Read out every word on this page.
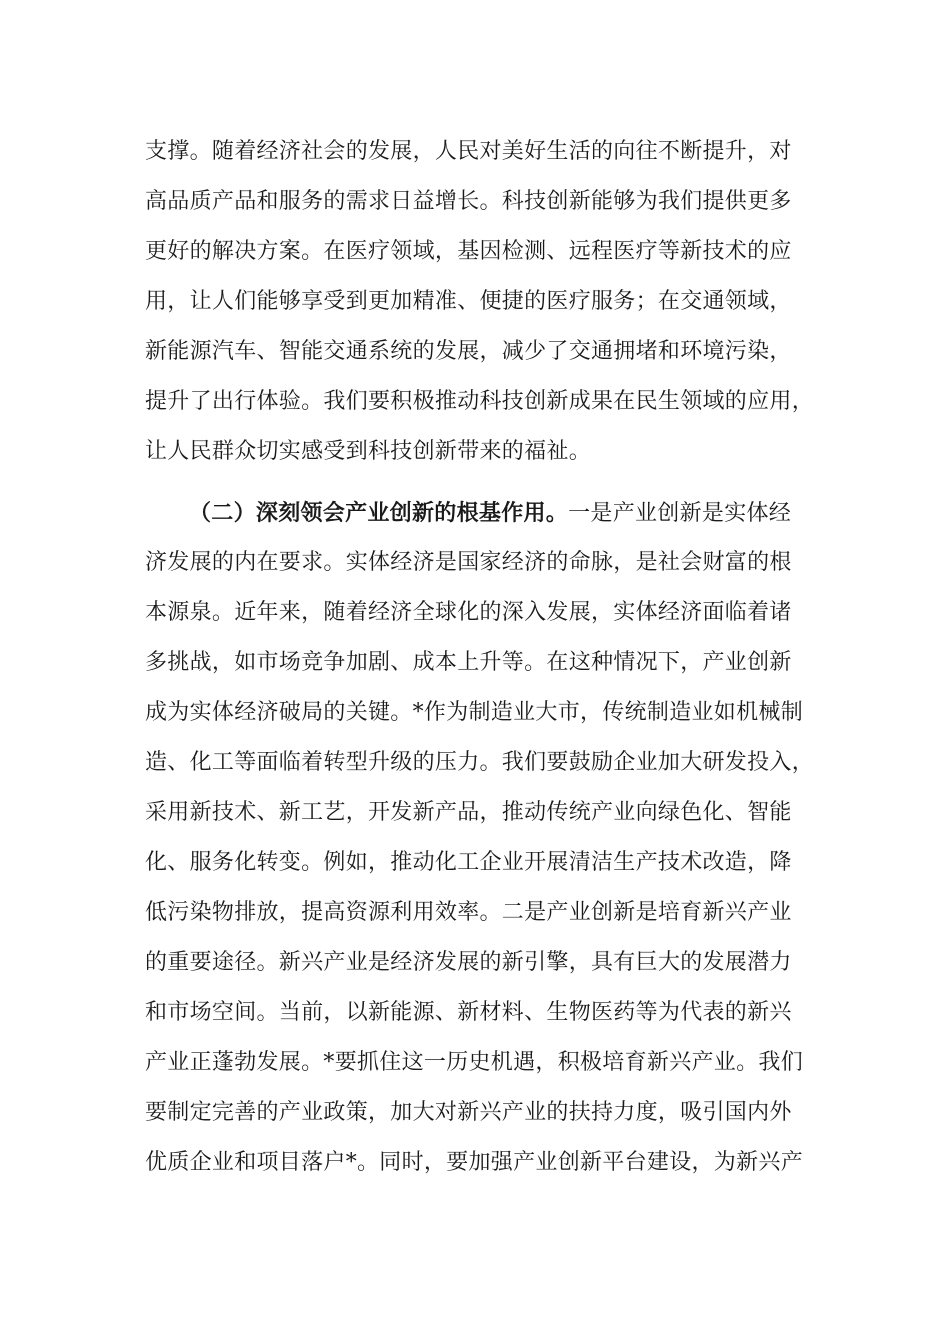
支撑。随着经济社会的发展，人民对美好生活的向往不断提升，对
高品质产品和服务的需求日益增长。科技创新能够为我们提供更多
更好的解决方案。在医疗领域，基因检测、远程医疗等新技术的应
用，让人们能够享受到更加精准、便捷的医疗服务；在交通领域，
新能源汽车、智能交通系统的发展，减少了交通拥堵和环境污染，
提升了出行体验。我们要积极推动科技创新成果在民生领域的应用，
让人民群众切实感受到科技创新带来的福祉。
（二）深刻领会产业创新的根基作用。一是产业创新是实体经
济发展的内在要求。实体经济是国家经济的命脉，是社会财富的根
本源泉。近年来，随着经济全球化的深入发展，实体经济面临着诸
多挑战，如市场竞争加剧、成本上升等。在这种情况下，产业创新
成为实体经济破局的关键。*作为制造业大市，传统制造业如机械制
造、化工等面临着转型升级的压力。我们要鼓励企业加大研发投入，
采用新技术、新工艺，开发新产品，推动传统产业向绿色化、智能
化、服务化转变。例如，推动化工企业开展清洁生产技术改造，降
低污染物排放，提高资源利用效率。二是产业创新是培育新兴产业
的重要途径。新兴产业是经济发展的新引擎，具有巨大的发展潜力
和市场空间。当前，以新能源、新材料、生物医药等为代表的新兴
产业正蓬勃发展。*要抓住这一历史机遇，积极培育新兴产业。我们
要制定完善的产业政策，加大对新兴产业的扶持力度，吸引国内外
优质企业和项目落户*。同时，要加强产业创新平台建设，为新兴产
